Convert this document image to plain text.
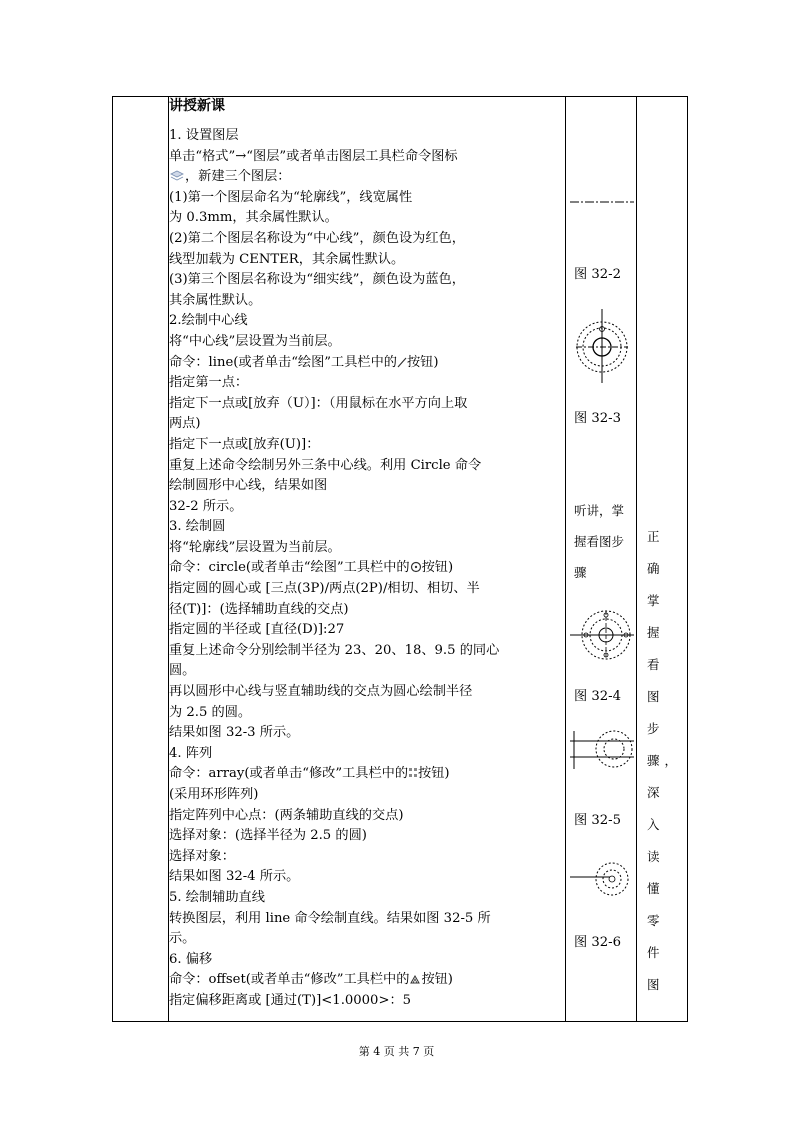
讲授新课
1. 设置图层
单击“格式”→“图层”或者单击图层工具栏命令图标
，新建三个图层：
(1)第一个图层命名为“轮廓线”，线宽属性
为 0.3mm，其余属性默认。
(2)第二个图层名称设为“中心线”，颜色设为红色，
线型加载为 CENTER，其余属性默认。
(3)第三个图层名称设为“细实线”，颜色设为蓝色，
其余属性默认。
2.绘制中心线
将“中心线”层设置为当前层。
命令：line(或者单击“绘图”工具栏中的 按钮)
指定第一点：
指定下一点或[放弃（U）]：（用鼠标在水平方向上取
两点)
指定下一点或[放弃(U)]：
重复上述命令绘制另外三条中心线。利用 Circle 命令
绘制圆形中心线，结果如图
32-2 所示。
3. 绘制圆
将“轮廓线”层设置为当前层。
命令：circle(或者单击“绘图”工具栏中的 按钮)
指定圆的圆心或 [三点(3P)/两点(2P)/相切、相切、半
径(T)]：(选择辅助直线的交点)
指定圆的半径或 [直径(D)]:27
重复上述命令分别绘制半径为 23、20、18、9.5 的同心
圆。
再以圆形中心线与竖直辅助线的交点为圆心绘制半径
为 2.5 的圆。
结果如图 32-3 所示。
4. 阵列
命令：array(或者单击“修改”工具栏中的 按钮)
(采用环形阵列)
指定阵列中心点：(两条辅助直线的交点)
选择对象：(选择半径为 2.5 的圆)
选择对象：
结果如图 32-4 所示。
5. 绘制辅助直线
转换图层，利用 line 命令绘制直线。结果如图 32-5 所
示。
6. 偏移
命令：offset(或者单击“修改”工具栏中的 按钮)
指定偏移距离或 [通过(T)]<1.0000>：5

图 32-2
图 32-3
听讲，掌握看图步骤
图 32-4
图 32-5
图 32-6

正确掌握看图步骤，深入读懂零件图
第 4 页 共 7 页
